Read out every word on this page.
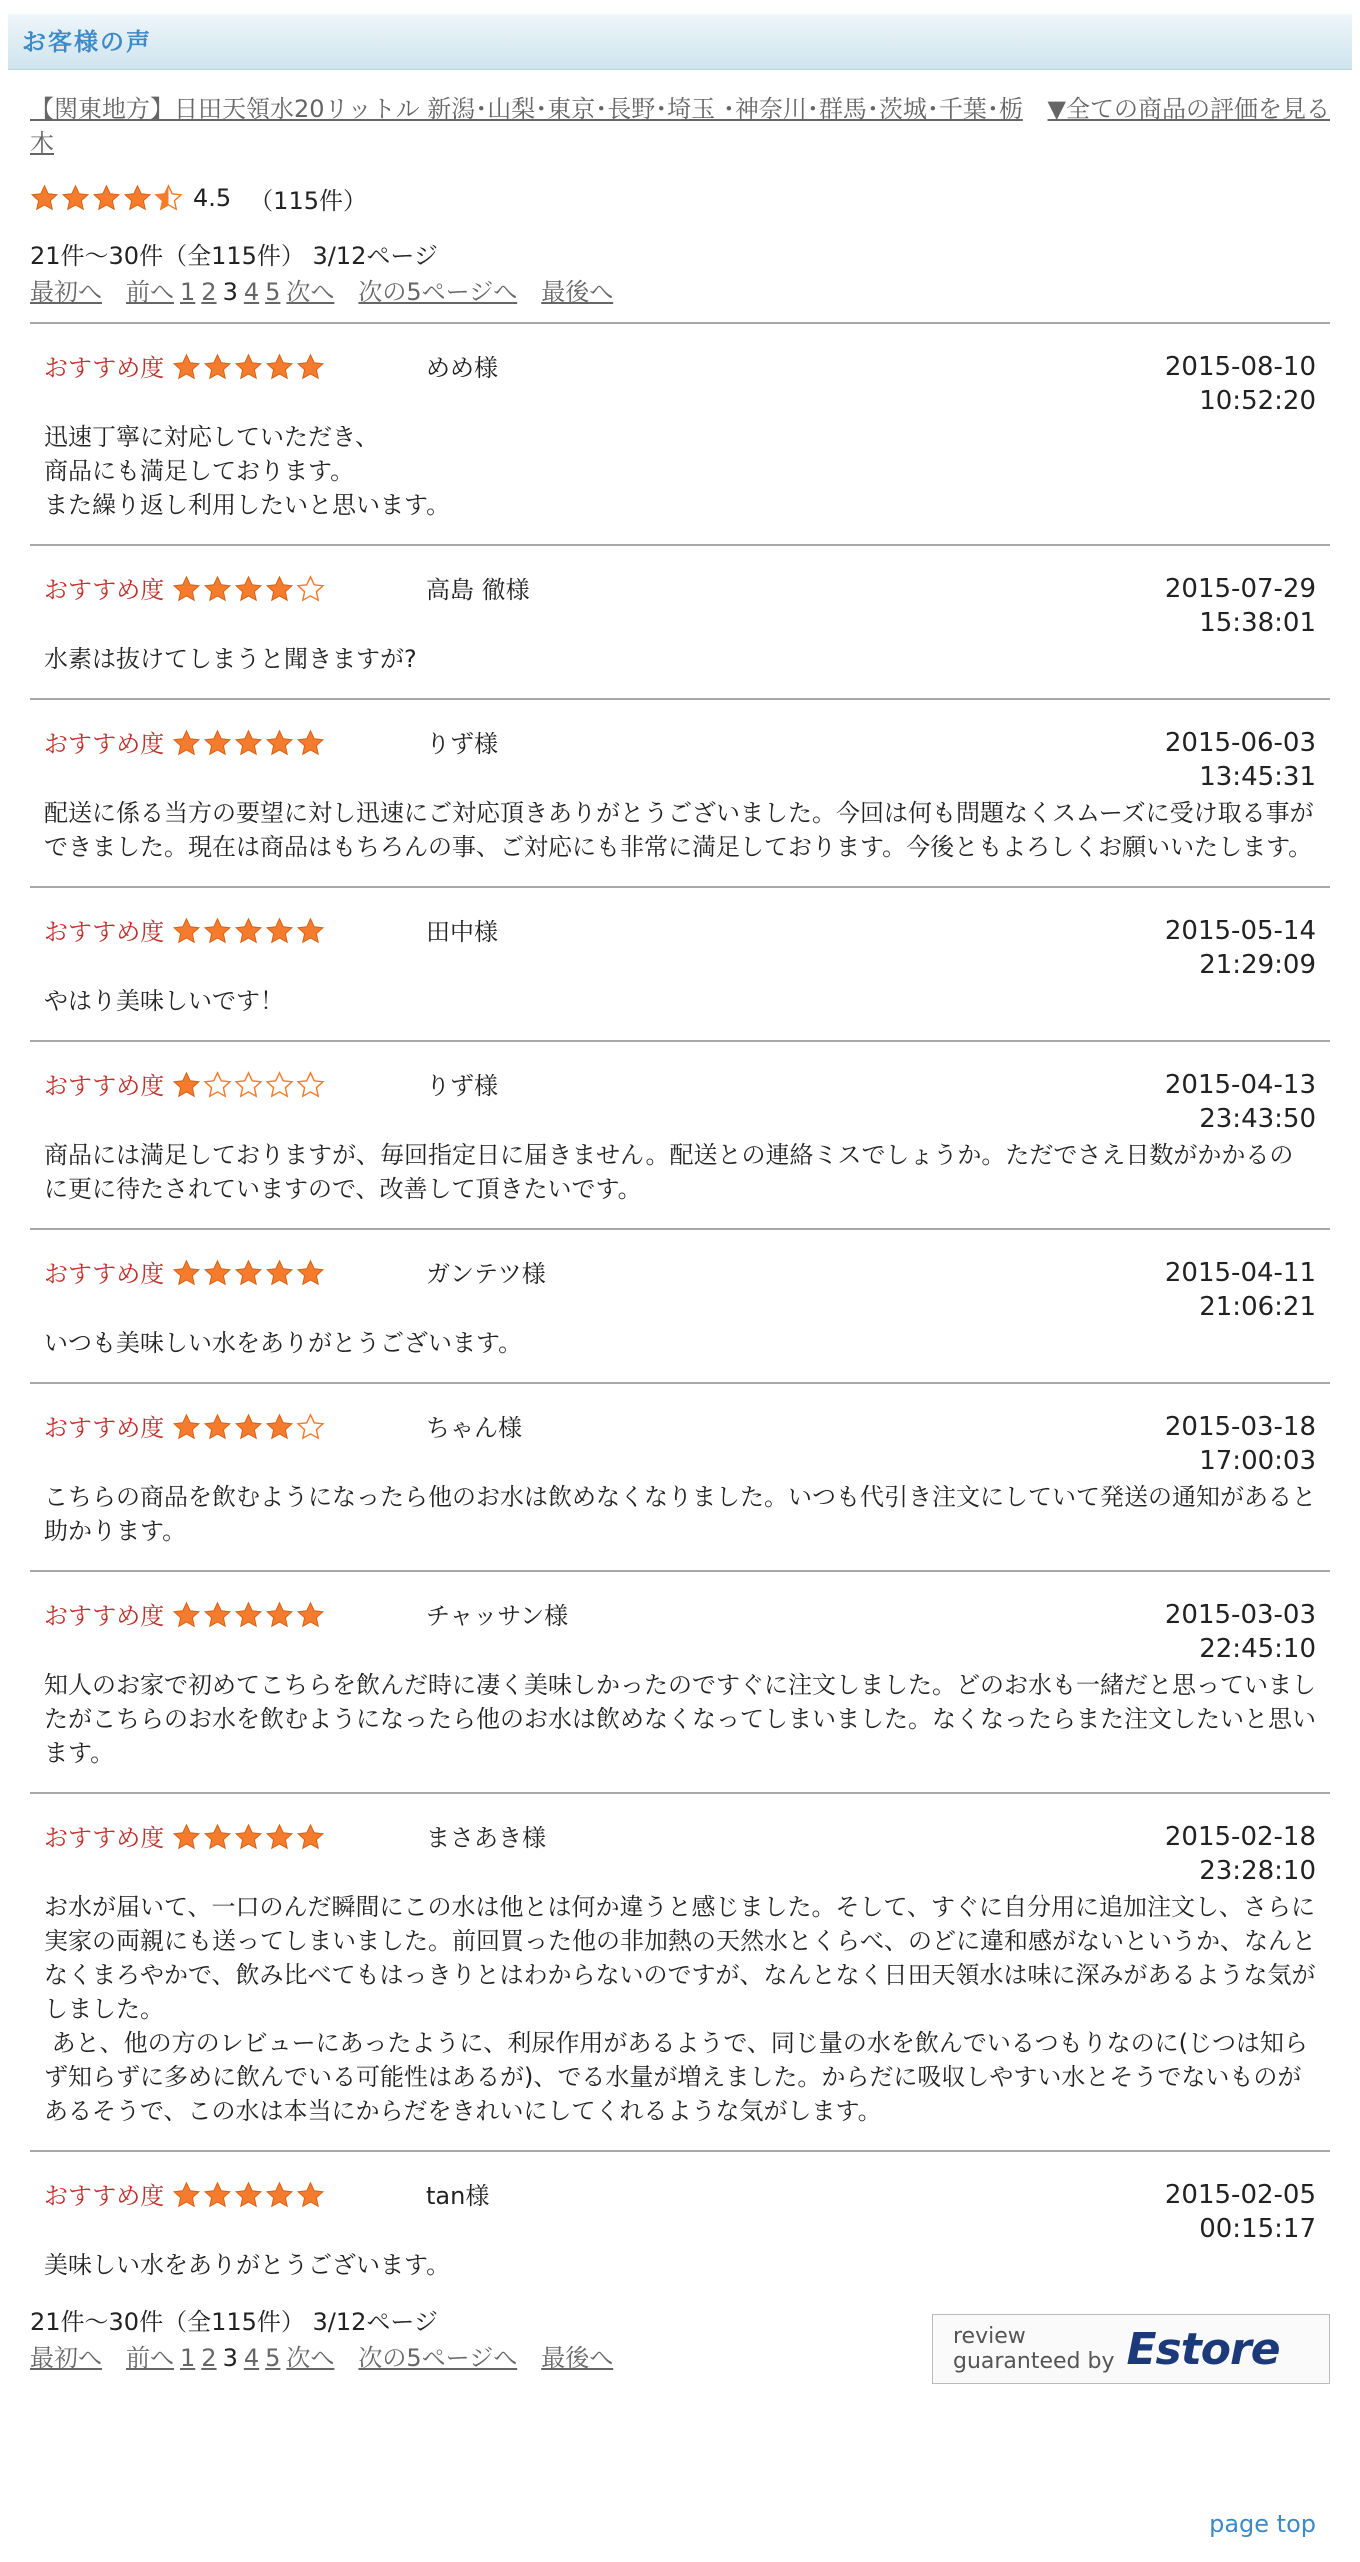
お客様の声
【関東地方】日田天領水20リットル 新潟･山梨･東京･長野･埼玉 ･神奈川･群馬･茨城･千葉･栃木
▼全ての商品の評価を見る
4.5 （115件）
21件～30件（全115件） 3/12ページ
最初へ 前へ 1 2 3 4 5 次へ 次の5ページへ 最後へ
おすすめ度	めめ様	2015-08-10
10:52:20
迅速丁寧に対応していただき、
商品にも満足しております。
また繰り返し利用したいと思います。
おすすめ度	高島 徹様	2015-07-29
15:38:01
水素は抜けてしまうと聞きますが?
おすすめ度	りず様	2015-06-03
13:45:31
配送に係る当方の要望に対し迅速にご対応頂きありがとうございました。今回は何も問題なくスムーズに受け取る事ができました。現在は商品はもちろんの事、ご対応にも非常に満足しております。今後ともよろしくお願いいたします。
おすすめ度	田中様	2015-05-14
21:29:09
やはり美味しいです！
おすすめ度	りず様	2015-04-13
23:43:50
商品には満足しておりますが、毎回指定日に届きません。配送との連絡ミスでしょうか。ただでさえ日数がかかるのに更に待たされていますので、改善して頂きたいです。
おすすめ度	ガンテツ様	2015-04-11
21:06:21
いつも美味しい水をありがとうございます。
おすすめ度	ちゃん様	2015-03-18
17:00:03
こちらの商品を飲むようになったら他のお水は飲めなくなりました。いつも代引き注文にしていて発送の通知があると助かります。
おすすめ度	チャッサン様	2015-03-03
22:45:10
知人のお家で初めてこちらを飲んだ時に凄く美味しかったのですぐに注文しました。どのお水も一緒だと思っていましたがこちらのお水を飲むようになったら他のお水は飲めなくなってしまいました。なくなったらまた注文したいと思います。
おすすめ度	まさあき様	2015-02-18
23:28:10
お水が届いて、一口のんだ瞬間にこの水は他とは何か違うと感じました。そして、すぐに自分用に追加注文し、さらに実家の両親にも送ってしまいました。前回買った他の非加熱の天然水とくらべ、のどに違和感がないというか、なんとなくまろやかで、飲み比べてもはっきりとはわからないのですが、なんとなく日田天領水は味に深みがあるような気がしました。
あと、他の方のレビューにあったように、利尿作用があるようで、同じ量の水を飲んでいるつもりなのに(じつは知らず知らずに多めに飲んでいる可能性はあるが)、でる水量が増えました。からだに吸収しやすい水とそうでないものがあるそうで、この水は本当にからだをきれいにしてくれるような気がします。
おすすめ度	tan様	2015-02-05
00:15:17
美味しい水をありがとうございます。
21件～30件（全115件） 3/12ページ
最初へ 前へ 1 2 3 4 5 次へ 次の5ページへ 最後へ
review
guaranteed by Estore
page top
